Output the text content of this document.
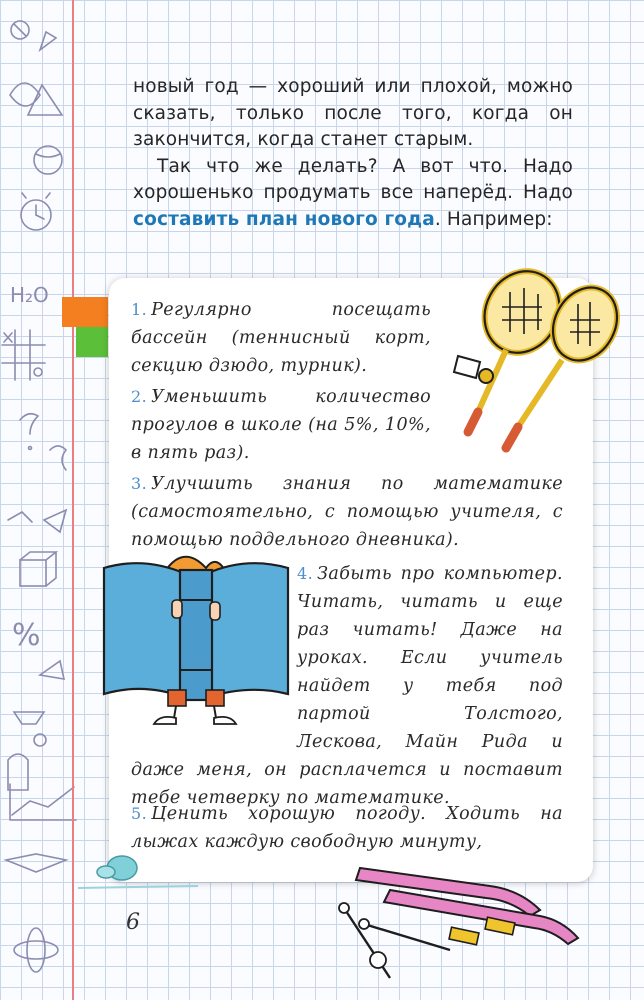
%
H₂O

новый год — хороший или плохой, можно сказать, только после того, когда он закончится, когда станет старым.

Так что же делать? А вот что. Надо хорошенько продумать все наперёд. Надо составить план нового года. Например:

1. Регулярно посещать бассейн (теннисный корт, секцию дзюдо, турник).

2. Уменьшить количество прогулов в школе (на 5%, 10%, в пять раз).

3. Улучшить знания по математике (самостоятельно, с помощью учителя, с помощью поддельного дневника).

4. Забыть про компьютер. Читать, читать и еще раз читать! Даже на уроках. Если учитель найдет у тебя под партой Толстого, Лескова, Майн Рида и даже меня, он расплачется и поставит тебе четверку по математике.

5. Ценить хорошую погоду. Ходить на лыжах каждую свободную минуту,

6
